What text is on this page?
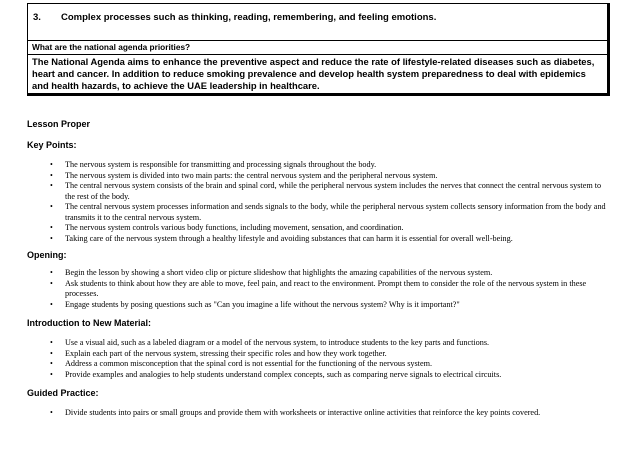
3. Complex processes such as thinking, reading, remembering, and feeling emotions.
What are the national agenda priorities?
The National Agenda aims to enhance the preventive aspect and reduce the rate of lifestyle-related diseases such as diabetes, heart and cancer. In addition to reduce smoking prevalence and develop health system preparedness to deal with epidemics and health hazards, to achieve the UAE leadership in healthcare.

Lesson Proper

Key Points:

• The nervous system is responsible for transmitting and processing signals throughout the body.
• The nervous system is divided into two main parts: the central nervous system and the peripheral nervous system.
• The central nervous system consists of the brain and spinal cord, while the peripheral nervous system includes the nerves that connect the central nervous system to the rest of the body.
• The central nervous system processes information and sends signals to the body, while the peripheral nervous system collects sensory information from the body and transmits it to the central nervous system.
• The nervous system controls various body functions, including movement, sensation, and coordination.
• Taking care of the nervous system through a healthy lifestyle and avoiding substances that can harm it is essential for overall well-being.

Opening:

• Begin the lesson by showing a short video clip or picture slideshow that highlights the amazing capabilities of the nervous system.
• Ask students to think about how they are able to move, feel pain, and react to the environment. Prompt them to consider the role of the nervous system in these processes.
• Engage students by posing questions such as "Can you imagine a life without the nervous system? Why is it important?"

Introduction to New Material:

• Use a visual aid, such as a labeled diagram or a model of the nervous system, to introduce students to the key parts and functions.
• Explain each part of the nervous system, stressing their specific roles and how they work together.
• Address a common misconception that the spinal cord is not essential for the functioning of the nervous system.
• Provide examples and analogies to help students understand complex concepts, such as comparing nerve signals to electrical circuits.

Guided Practice:

• Divide students into pairs or small groups and provide them with worksheets or interactive online activities that reinforce the key points covered.
